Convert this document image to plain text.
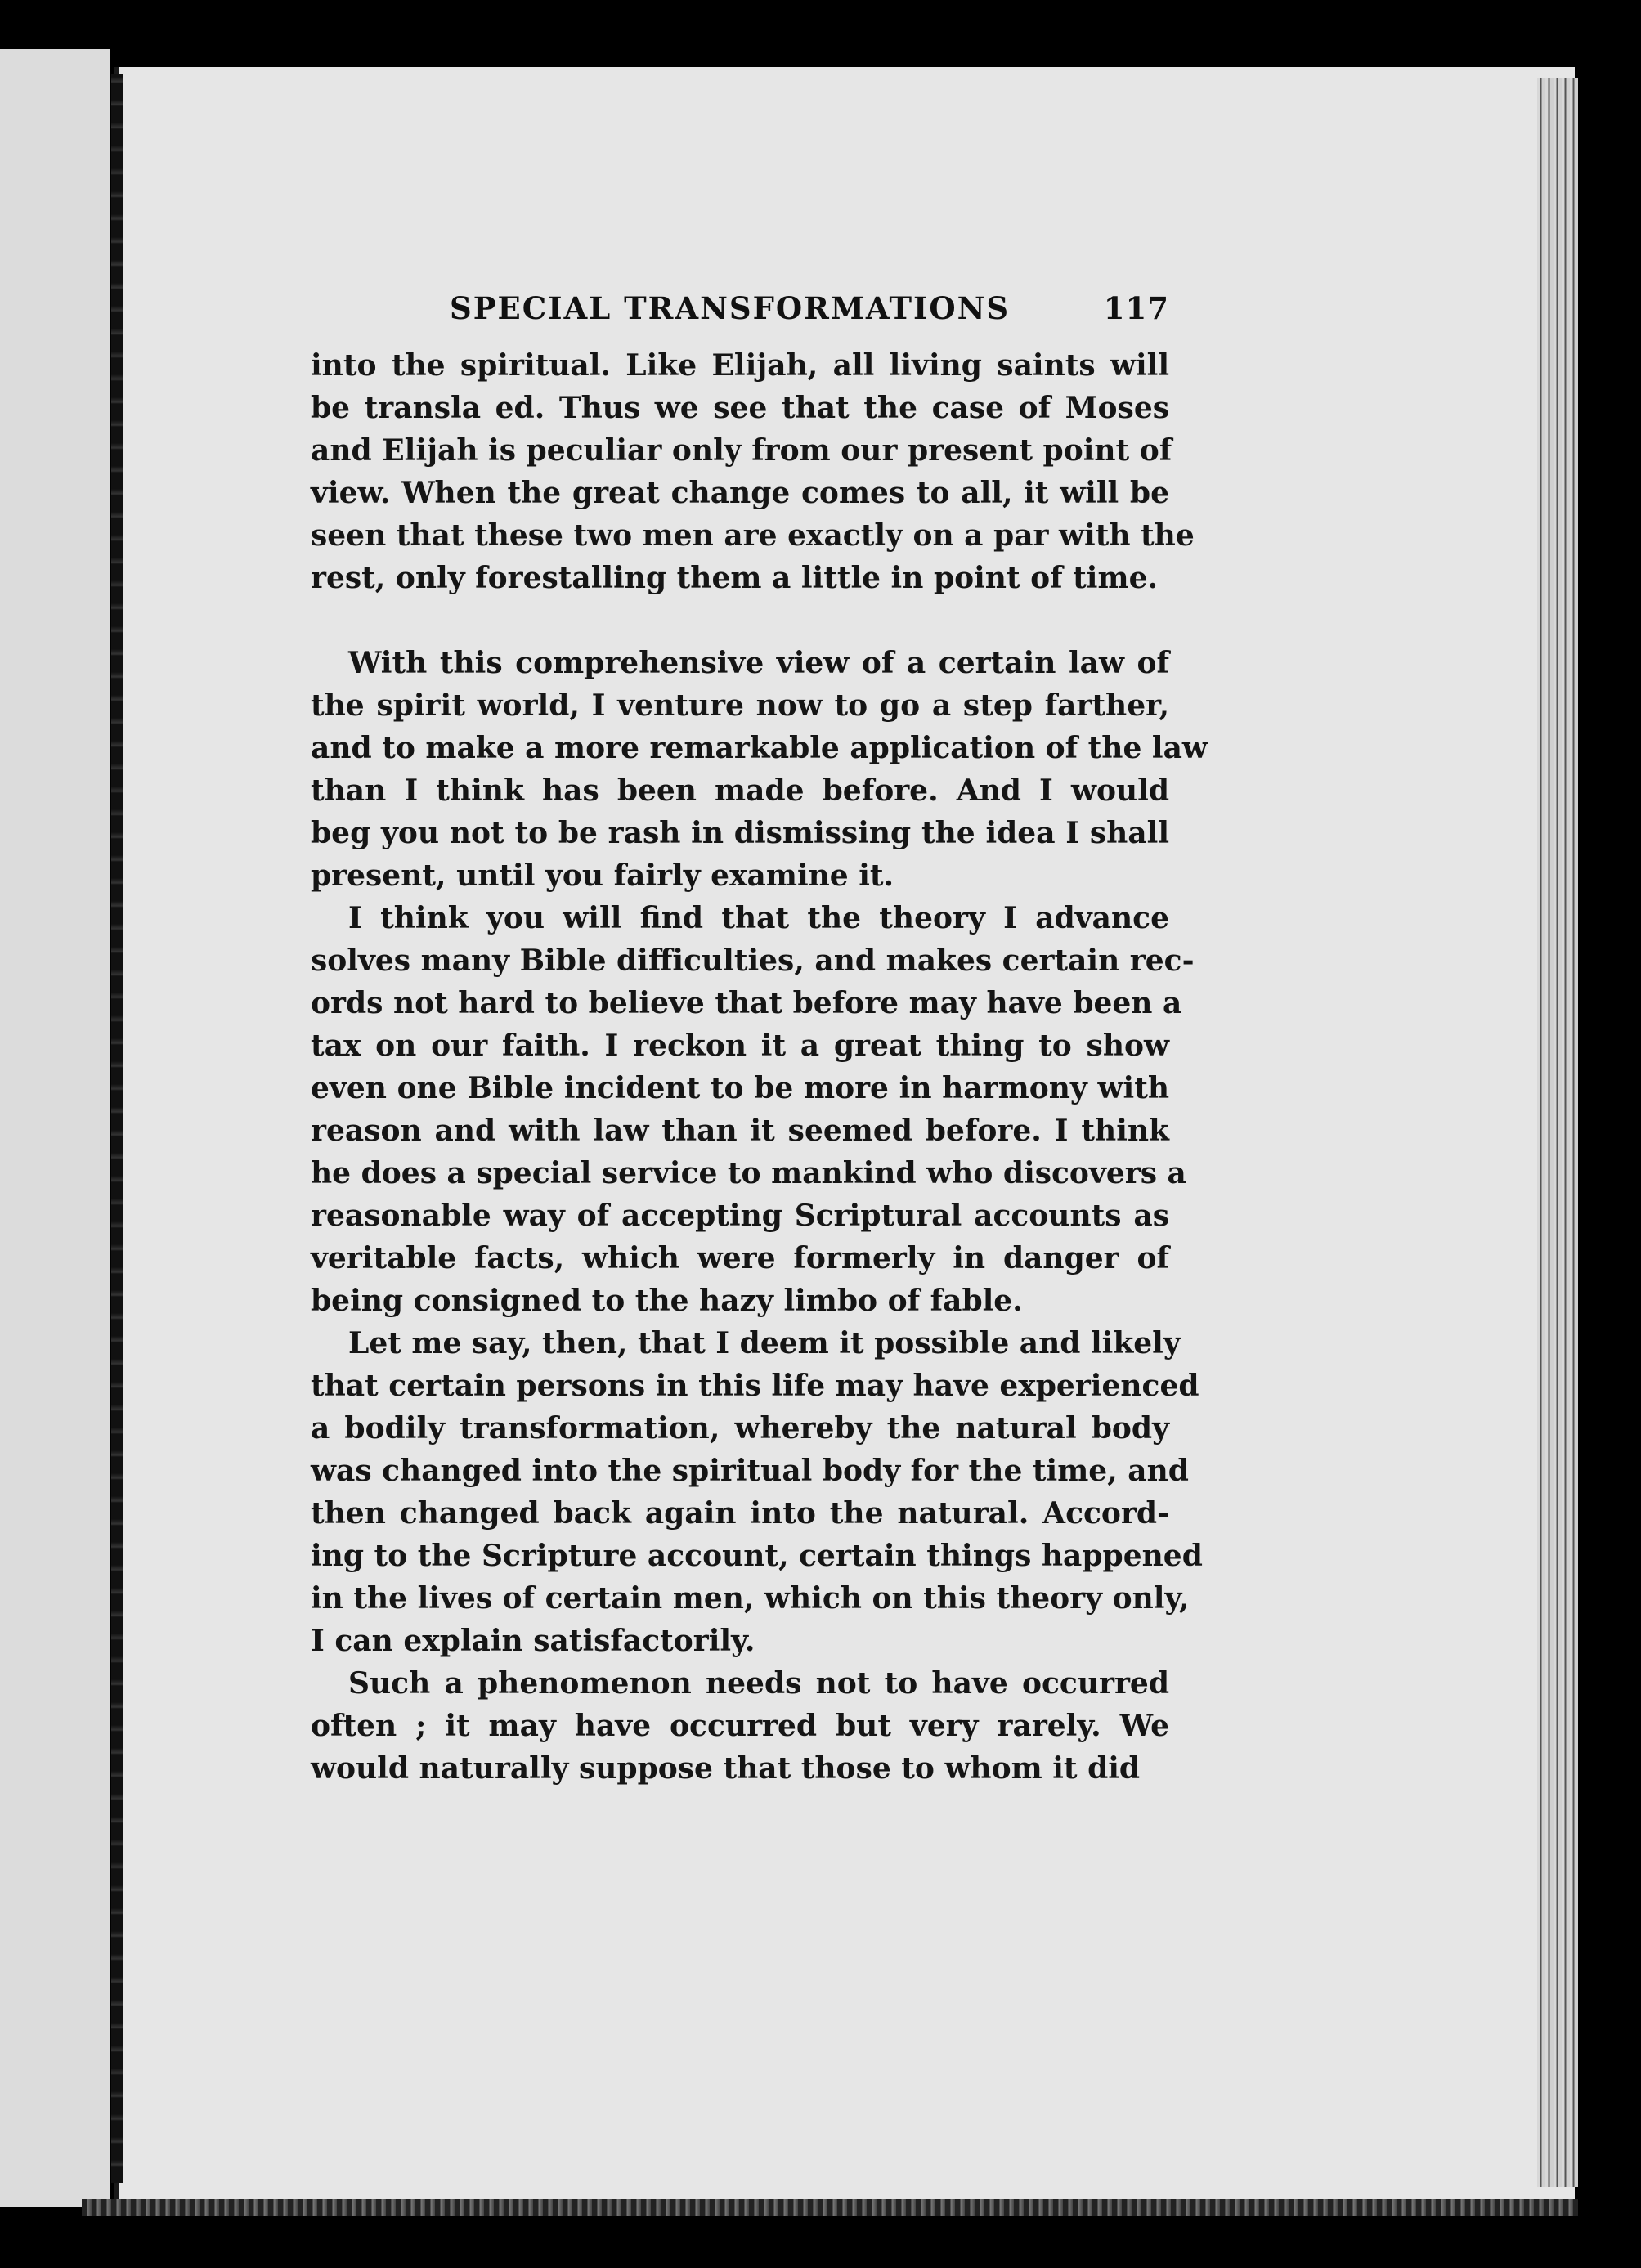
SPECIAL TRANSFORMATIONS	117
into the spiritual. Like Elijah, all living saints will
be transla ed. Thus we see that the case of Moses
and Elijah is peculiar only from our present point of
view. When the great change comes to all, it will be
seen that these two men are exactly on a par with the
rest, only forestalling them a little in point of time.
With this comprehensive view of a certain law of
the spirit world, I venture now to go a step farther,
and to make a more remarkable application of the law
than I think has been made before. And I would
beg you not to be rash in dismissing the idea I shall
present, until you fairly examine it.
I think you will find that the theory I advance
solves many Bible difficulties, and makes certain rec-
ords not hard to believe that before may have been a
tax on our faith. I reckon it a great thing to show
even one Bible incident to be more in harmony with
reason and with law than it seemed before. I think
he does a special service to mankind who discovers a
reasonable way of accepting Scriptural accounts as
veritable facts, which were formerly in danger of
being consigned to the hazy limbo of fable.
Let me say, then, that I deem it possible and likely
that certain persons in this life may have experienced
a bodily transformation, whereby the natural body
was changed into the spiritual body for the time, and
then changed back again into the natural. Accord-
ing to the Scripture account, certain things happened
in the lives of certain men, which on this theory only,
I can explain satisfactorily.
Such a phenomenon needs not to have occurred
often ; it may have occurred but very rarely. We
would naturally suppose that those to whom it did
